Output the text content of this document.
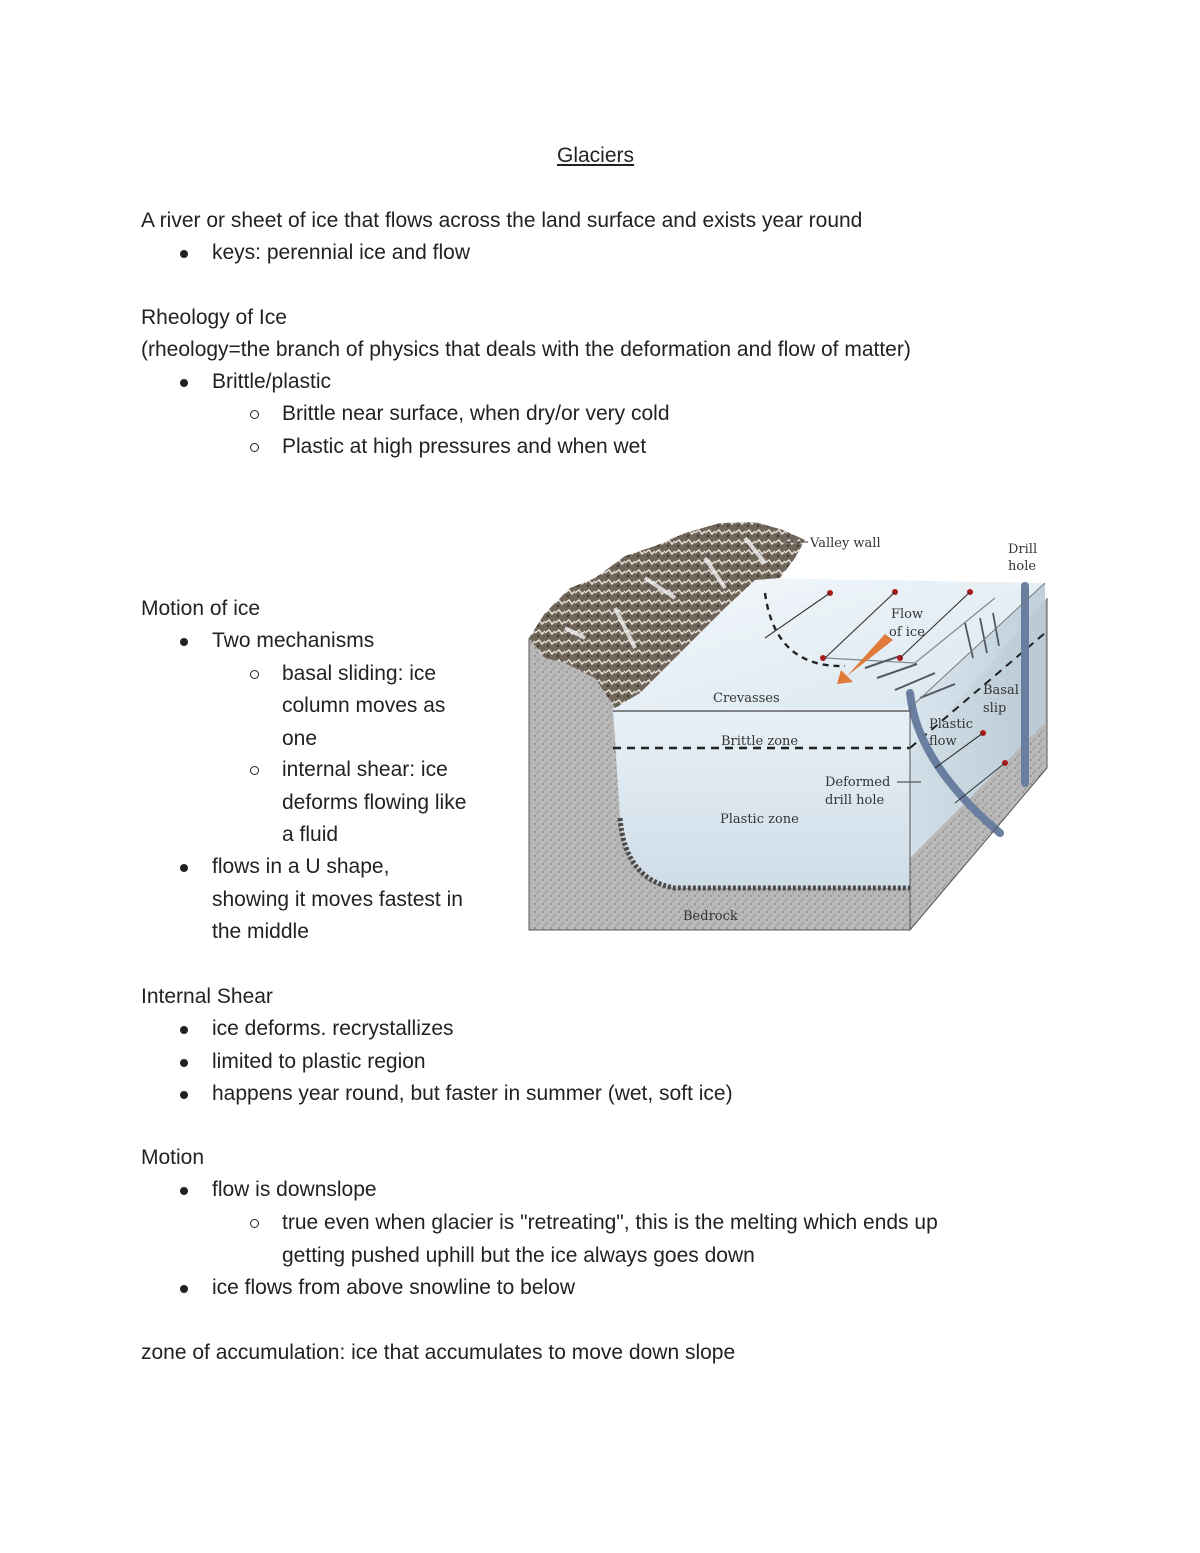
Glaciers
A river or sheet of ice that flows across the land surface and exists year round
keys: perennial ice and flow
Rheology of Ice
(rheology=the branch of physics that deals with the deformation and flow of matter)
Brittle/plastic
Brittle near surface, when dry/or very cold
Plastic at high pressures and when wet
Motion of ice
Two mechanisms
basal sliding: ice
column moves as
one
internal shear: ice
deforms flowing like
a fluid
flows in a U shape,
showing it moves fastest in
the middle
Valley wall	Drill
hole
Flow
of ice
Crevasses
Basal
slip
Plastic
flow
Brittle zone
Deformed
drill hole
Plastic zone
Bedrock
Internal Shear
ice deforms. recrystallizes
limited to plastic region
happens year round, but faster in summer (wet, soft ice)
Motion
flow is downslope
true even when glacier is "retreating", this is the melting which ends up
getting pushed uphill but the ice always goes down
ice flows from above snowline to below
zone of accumulation: ice that accumulates to move down slope
